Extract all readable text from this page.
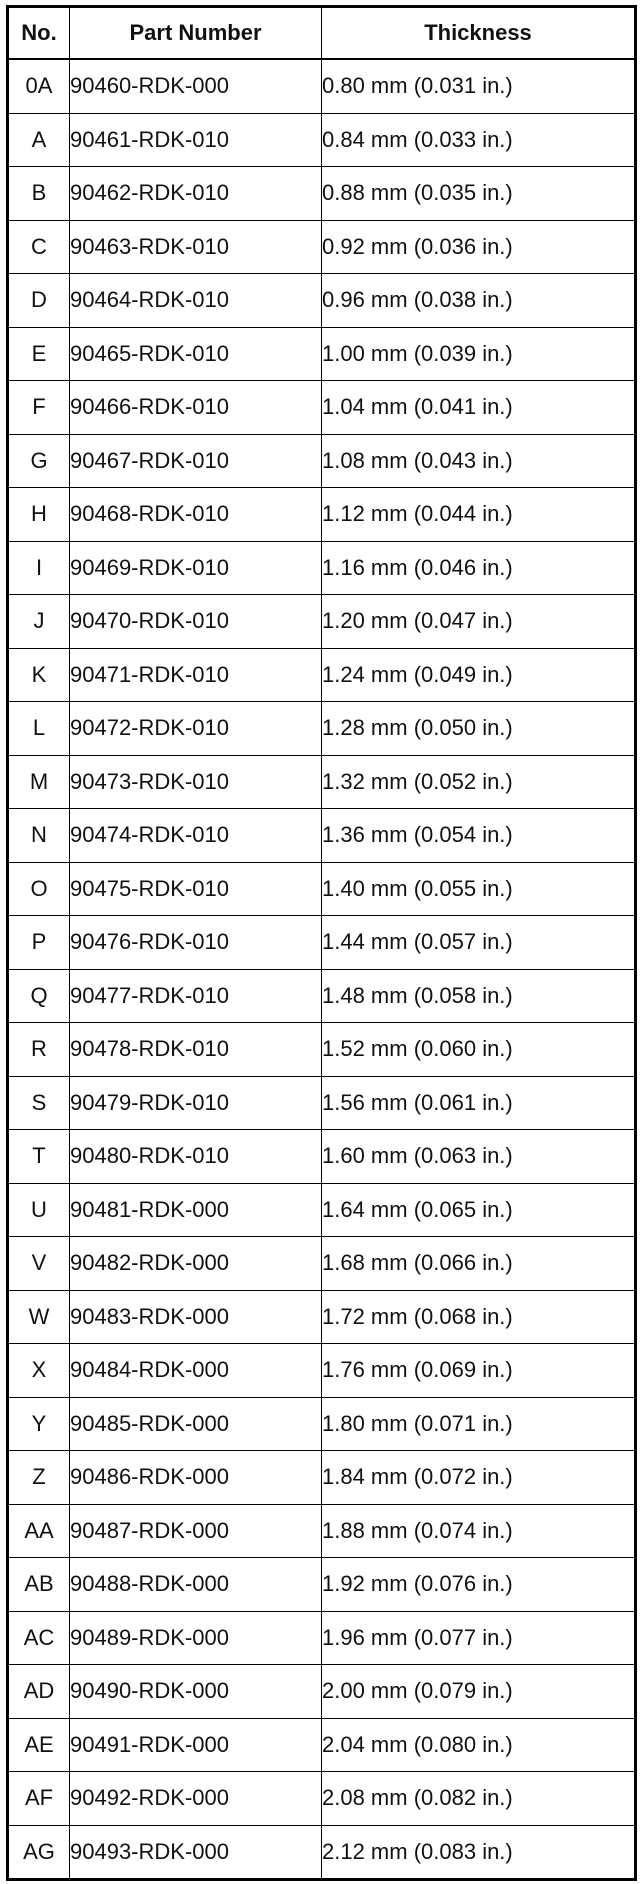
No.	Part Number	Thickness
0A	90460-RDK-000	0.80 mm (0.031 in.)
A	90461-RDK-010	0.84 mm (0.033 in.)
B	90462-RDK-010	0.88 mm (0.035 in.)
C	90463-RDK-010	0.92 mm (0.036 in.)
D	90464-RDK-010	0.96 mm (0.038 in.)
E	90465-RDK-010	1.00 mm (0.039 in.)
F	90466-RDK-010	1.04 mm (0.041 in.)
G	90467-RDK-010	1.08 mm (0.043 in.)
H	90468-RDK-010	1.12 mm (0.044 in.)
I	90469-RDK-010	1.16 mm (0.046 in.)
J	90470-RDK-010	1.20 mm (0.047 in.)
K	90471-RDK-010	1.24 mm (0.049 in.)
L	90472-RDK-010	1.28 mm (0.050 in.)
M	90473-RDK-010	1.32 mm (0.052 in.)
N	90474-RDK-010	1.36 mm (0.054 in.)
O	90475-RDK-010	1.40 mm (0.055 in.)
P	90476-RDK-010	1.44 mm (0.057 in.)
Q	90477-RDK-010	1.48 mm (0.058 in.)
R	90478-RDK-010	1.52 mm (0.060 in.)
S	90479-RDK-010	1.56 mm (0.061 in.)
T	90480-RDK-010	1.60 mm (0.063 in.)
U	90481-RDK-000	1.64 mm (0.065 in.)
V	90482-RDK-000	1.68 mm (0.066 in.)
W	90483-RDK-000	1.72 mm (0.068 in.)
X	90484-RDK-000	1.76 mm (0.069 in.)
Y	90485-RDK-000	1.80 mm (0.071 in.)
Z	90486-RDK-000	1.84 mm (0.072 in.)
AA	90487-RDK-000	1.88 mm (0.074 in.)
AB	90488-RDK-000	1.92 mm (0.076 in.)
AC	90489-RDK-000	1.96 mm (0.077 in.)
AD	90490-RDK-000	2.00 mm (0.079 in.)
AE	90491-RDK-000	2.04 mm (0.080 in.)
AF	90492-RDK-000	2.08 mm (0.082 in.)
AG	90493-RDK-000	2.12 mm (0.083 in.)
